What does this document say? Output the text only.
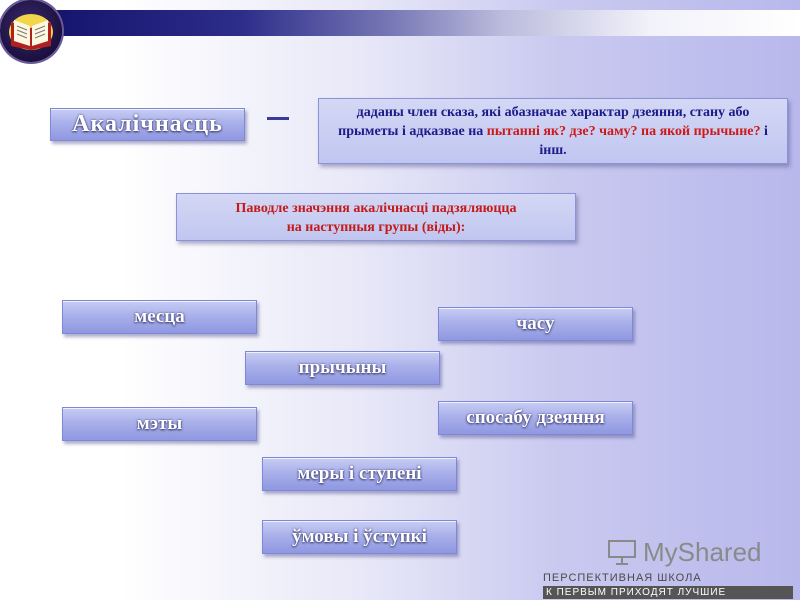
Акалічнасць	даданы член сказа, які абазначае характар дзеяння, стану або прыметы і адказвае на пытанні як? дзе? чаму? па якой прычыне? і інш.
Паводле значэння акалічнасці падзяляюцца
на наступныя групы (віды):
месца	часу
прычыны
мэты	спосабу дзеяння
меры і ступені
ўмовы і ўступкі	MyShared
ПЕРСПЕКТИВНАЯ ШКОЛА
К ПЕРВЫМ ПРИХОДЯТ ЛУЧШИЕ
